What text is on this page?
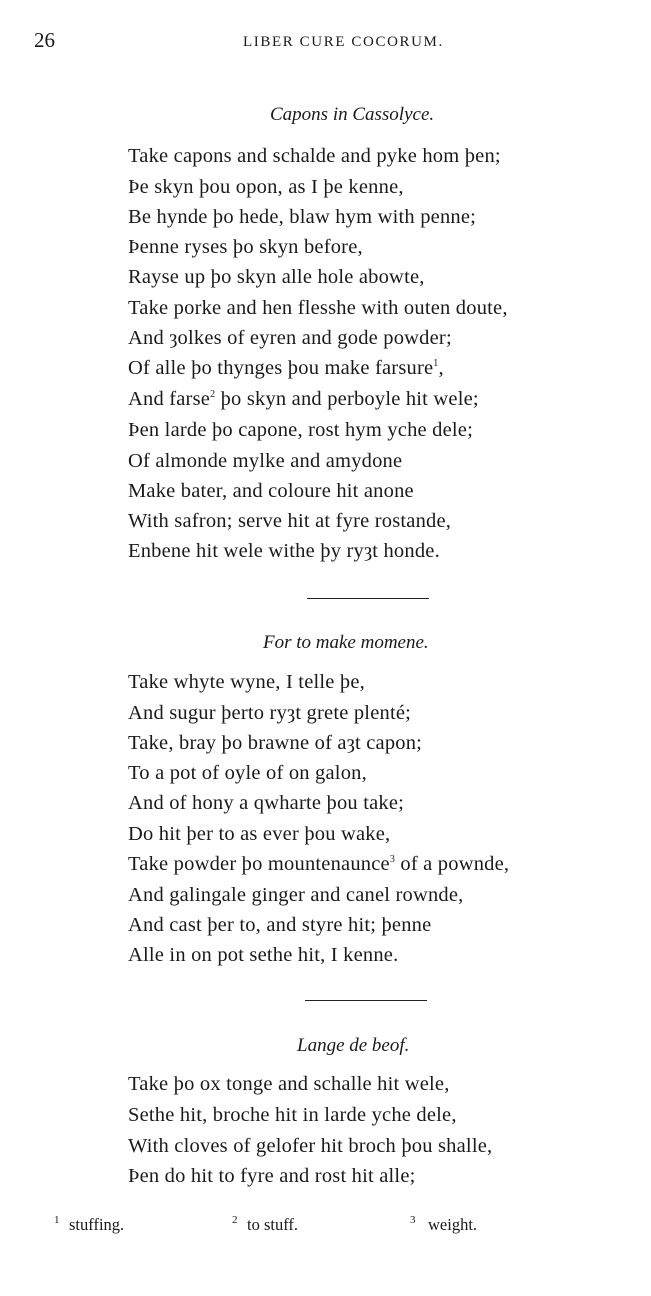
26	LIBER CURE COCORUM.
Capons in Cassolyce.
Take capons and schalde and pyke hom þen;
Þe skyn þou opon, as I þe kenne,
Be hynde þo hede, blaw hym with penne;
Þenne ryses þo skyn before,
Rayse up þo skyn alle hole abowte,
Take porke and hen flesshe with outen doute,
And ȝolkes of eyren and gode powder;
Of alle þo thynges þou make farsure$^1$,
And farse$^2$ þo skyn and perboyle hit wele;
Þen larde þo capone, rost hym yche dele;
Of almonde mylke and amydone
Make bater, and coloure hit anone
With safron; serve hit at fyre rostande,
Enbene hit wele withe þy ryȝt honde.
For to make momene.
Take whyte wyne, I telle þe,
And sugur þerto ryȝt grete plenté;
Take, bray þo brawne of aȝt capon;
To a pot of oyle of on galon,
And of hony a qwharte þou take;
Do hit þer to as ever þou wake,
Take powder þo mountenaunce$^3$ of a pownde,
And galingale ginger and canel rownde,
And cast þer to, and styre hit; þenne
Alle in on pot sethe hit, I kenne.
Lange de beof.
Take þo ox tonge and schalle hit wele,
Sethe hit, broche hit in larde yche dele,
With cloves of gelofer hit broch þou shalle,
Þen do hit to fyre and rost hit alle;
1 stuffing.	2 to stuff.	3 weight.
